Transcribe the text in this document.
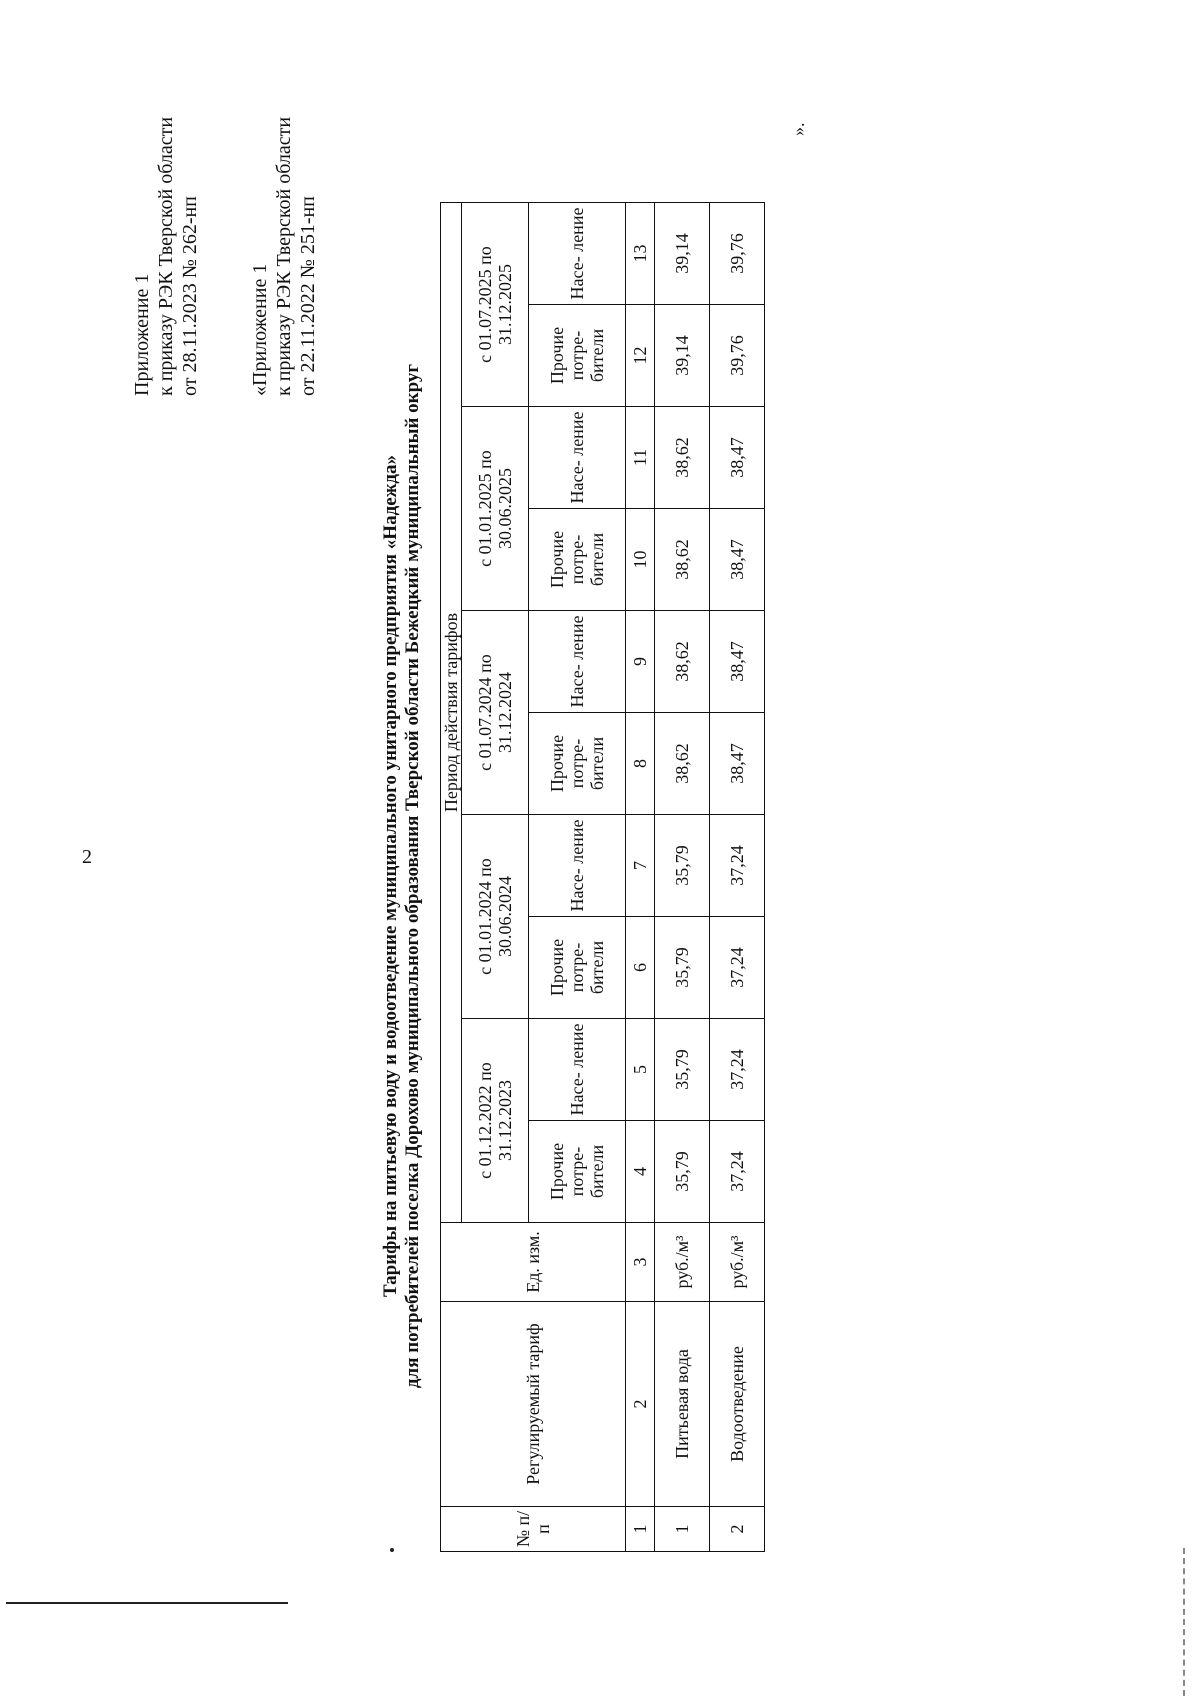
2
Приложение 1 к приказу РЭК Тверской области от 28.11.2023 № 262-нп «Приложение 1 к приказу РЭК Тверской области от 22.11.2022 № 251-нп
Тарифы на питьевую воду и водоотведение муниципального унитарного предприятия «Надежда» для потребителей поселка Дорохово муниципального образования Тверской области Бежецкий муниципальный округ
№ п/п	Регулируемый тариф	Ед. изм.	Период действия тарифов									
			с 01.12.2022 по 31.12.2023		с 01.01.2024 по 30.06.2024		с 01.07.2024 по 31.12.2024		с 01.01.2025 по 30.06.2025		с 01.07.2025 по 31.12.2025	
			Прочие потре- бители	Насе- ление	Прочие потре- бители	Насе- ление	Прочие потре- бители	Насе- ление	Прочие потре- бители	Насе- ление	Прочие потре- бители	Насе- ление
1	2	3	4	5	6	7	8	9	10	11	12	13
1	Питьевая вода	руб./м³	35,79	35,79	35,79	35,79	38,62	38,62	38,62	38,62	39,14	39,14
2	Водоотведение	руб./м³	37,24	37,24	37,24	37,24	38,47	38,47	38,47	38,47	39,76	39,76
».
